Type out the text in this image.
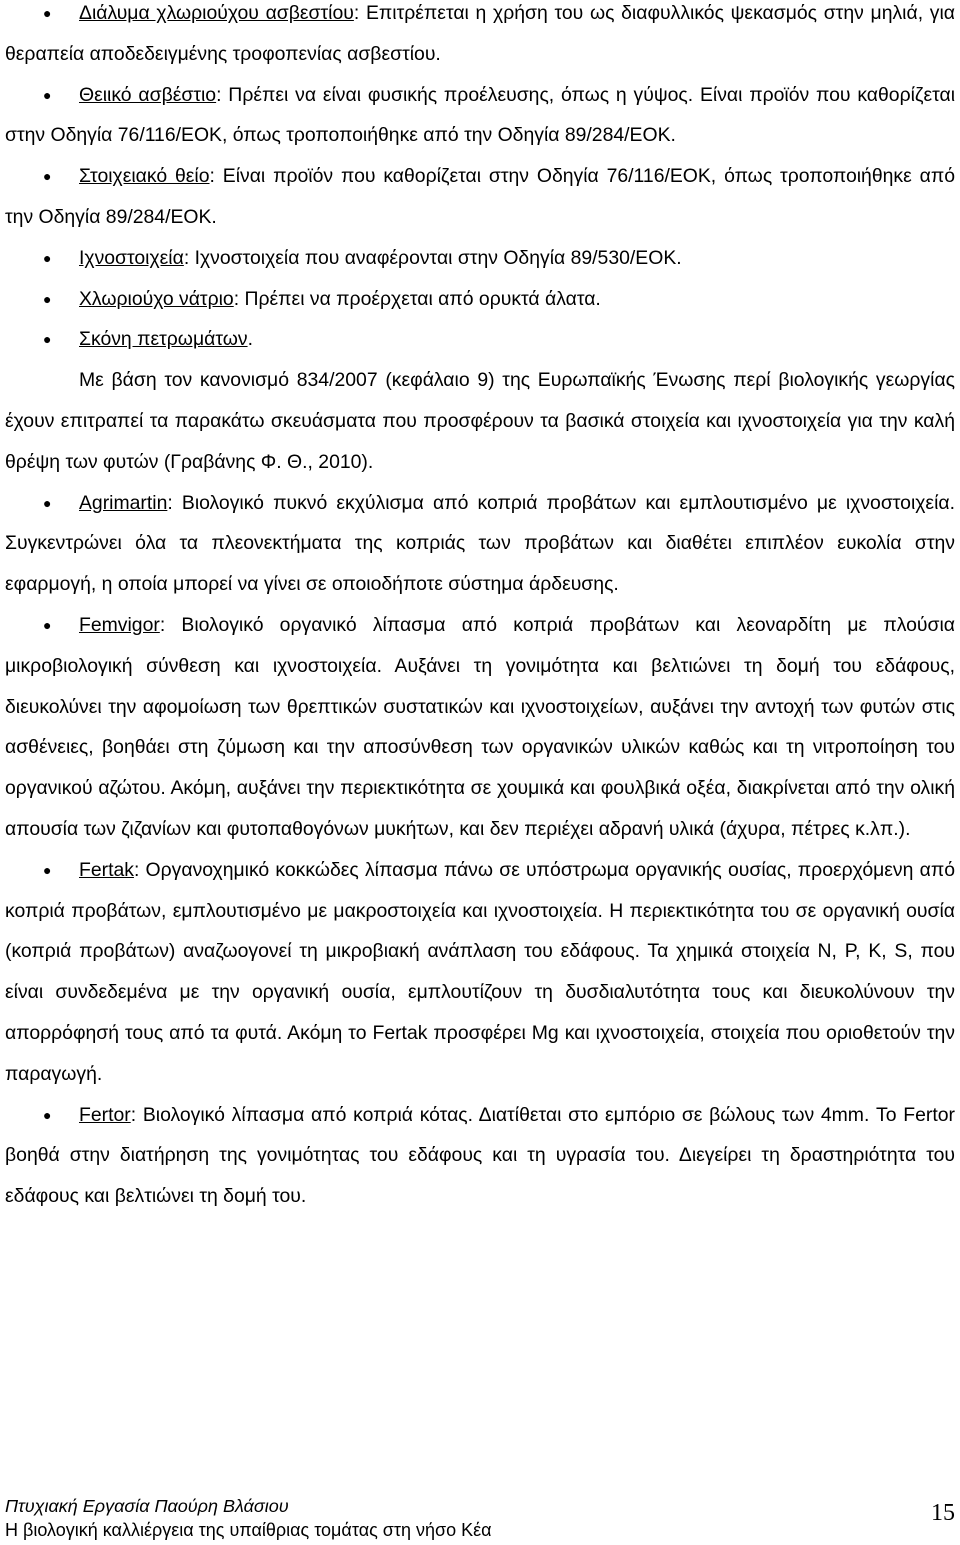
● Διάλυμα χλωριούχου ασβεστίου: Επιτρέπεται η χρήση του ως διαφυλλικός ψεκασμός στην μηλιά, για θεραπεία αποδεδειγμένης τροφοπενίας ασβεστίου.

● Θειικό ασβέστιο: Πρέπει να είναι φυσικής προέλευσης, όπως η γύψος. Είναι προϊόν που καθορίζεται στην Οδηγία 76/116/ΕΟΚ, όπως τροποποιήθηκε από την Οδηγία 89/284/ΕΟΚ.

● Στοιχειακό θείο: Είναι προϊόν που καθορίζεται στην Οδηγία 76/116/ΕΟΚ, όπως τροποποιήθηκε από την Οδηγία 89/284/ΕΟΚ.

● Ιχνοστοιχεία: Ιχνοστοιχεία που αναφέρονται στην Οδηγία 89/530/ΕΟΚ.

● Χλωριούχο νάτριο: Πρέπει να προέρχεται από ορυκτά άλατα.

● Σκόνη πετρωμάτων.

Με βάση τον κανονισμό 834/2007 (κεφάλαιο 9) της Ευρωπαϊκής Ένωσης περί βιολογικής γεωργίας έχουν επιτραπεί τα παρακάτω σκευάσματα που προσφέρουν τα βασικά στοιχεία και ιχνοστοιχεία για την καλή θρέψη των φυτών (Γραβάνης Φ. Θ., 2010).

● Agrimartin: Βιολογικό πυκνό εκχύλισμα από κοπριά προβάτων και εμπλουτισμένο με ιχνοστοιχεία. Συγκεντρώνει όλα τα πλεονεκτήματα της κοπριάς των προβάτων και διαθέτει επιπλέον ευκολία στην εφαρμογή, η οποία μπορεί να γίνει σε οποιοδήποτε σύστημα άρδευσης.

● Femvigor: Βιολογικό οργανικό λίπασμα από κοπριά προβάτων και λεοναρδίτη με πλούσια μικροβιολογική σύνθεση και ιχνοστοιχεία. Αυξάνει τη γονιμότητα και βελτιώνει τη δομή του εδάφους, διευκολύνει την αφομοίωση των θρεπτικών συστατικών και ιχνοστοιχείων, αυξάνει την αντοχή των φυτών στις ασθένειες, βοηθάει στη ζύμωση και την αποσύνθεση των οργανικών υλικών καθώς και τη νιτροποίηση του οργανικού αζώτου. Ακόμη, αυξάνει την περιεκτικότητα σε χουμικά και φουλβικά οξέα, διακρίνεται από την ολική απουσία των ζιζανίων και φυτοπαθογόνων μυκήτων, και δεν περιέχει αδρανή υλικά (άχυρα, πέτρες κ.λπ.).

● Fertak: Οργανοχημικό κοκκώδες λίπασμα πάνω σε υπόστρωμα οργανικής ουσίας, προερχόμενη από κοπριά προβάτων, εμπλουτισμένο με μακροστοιχεία και ιχνοστοιχεία. Η περιεκτικότητα του σε οργανική ουσία (κοπριά προβάτων) αναζωογονεί τη μικροβιακή ανάπλαση του εδάφους. Τα χημικά στοιχεία N, P, K, S, που είναι συνδεδεμένα με την οργανική ουσία, εμπλουτίζουν τη δυσδιαλυτότητα τους και διευκολύνουν την απορρόφησή τους από τα φυτά. Ακόμη το Fertak προσφέρει Mg και ιχνοστοιχεία, στοιχεία που οριοθετούν την παραγωγή.

● Fertor: Βιολογικό λίπασμα από κοπριά κότας. Διατίθεται στο εμπόριο σε βώλους των 4mm. Το Fertor βοηθά στην διατήρηση της γονιμότητας του εδάφους και τη υγρασία του. Διεγείρει τη δραστηριότητα του εδάφους και βελτιώνει τη δομή του.

Πτυχιακή Εργασία Παούρη Βλάσιου
Η βιολογική καλλιέργεια της υπαίθριας τομάτας στη νήσο Κέα
15
